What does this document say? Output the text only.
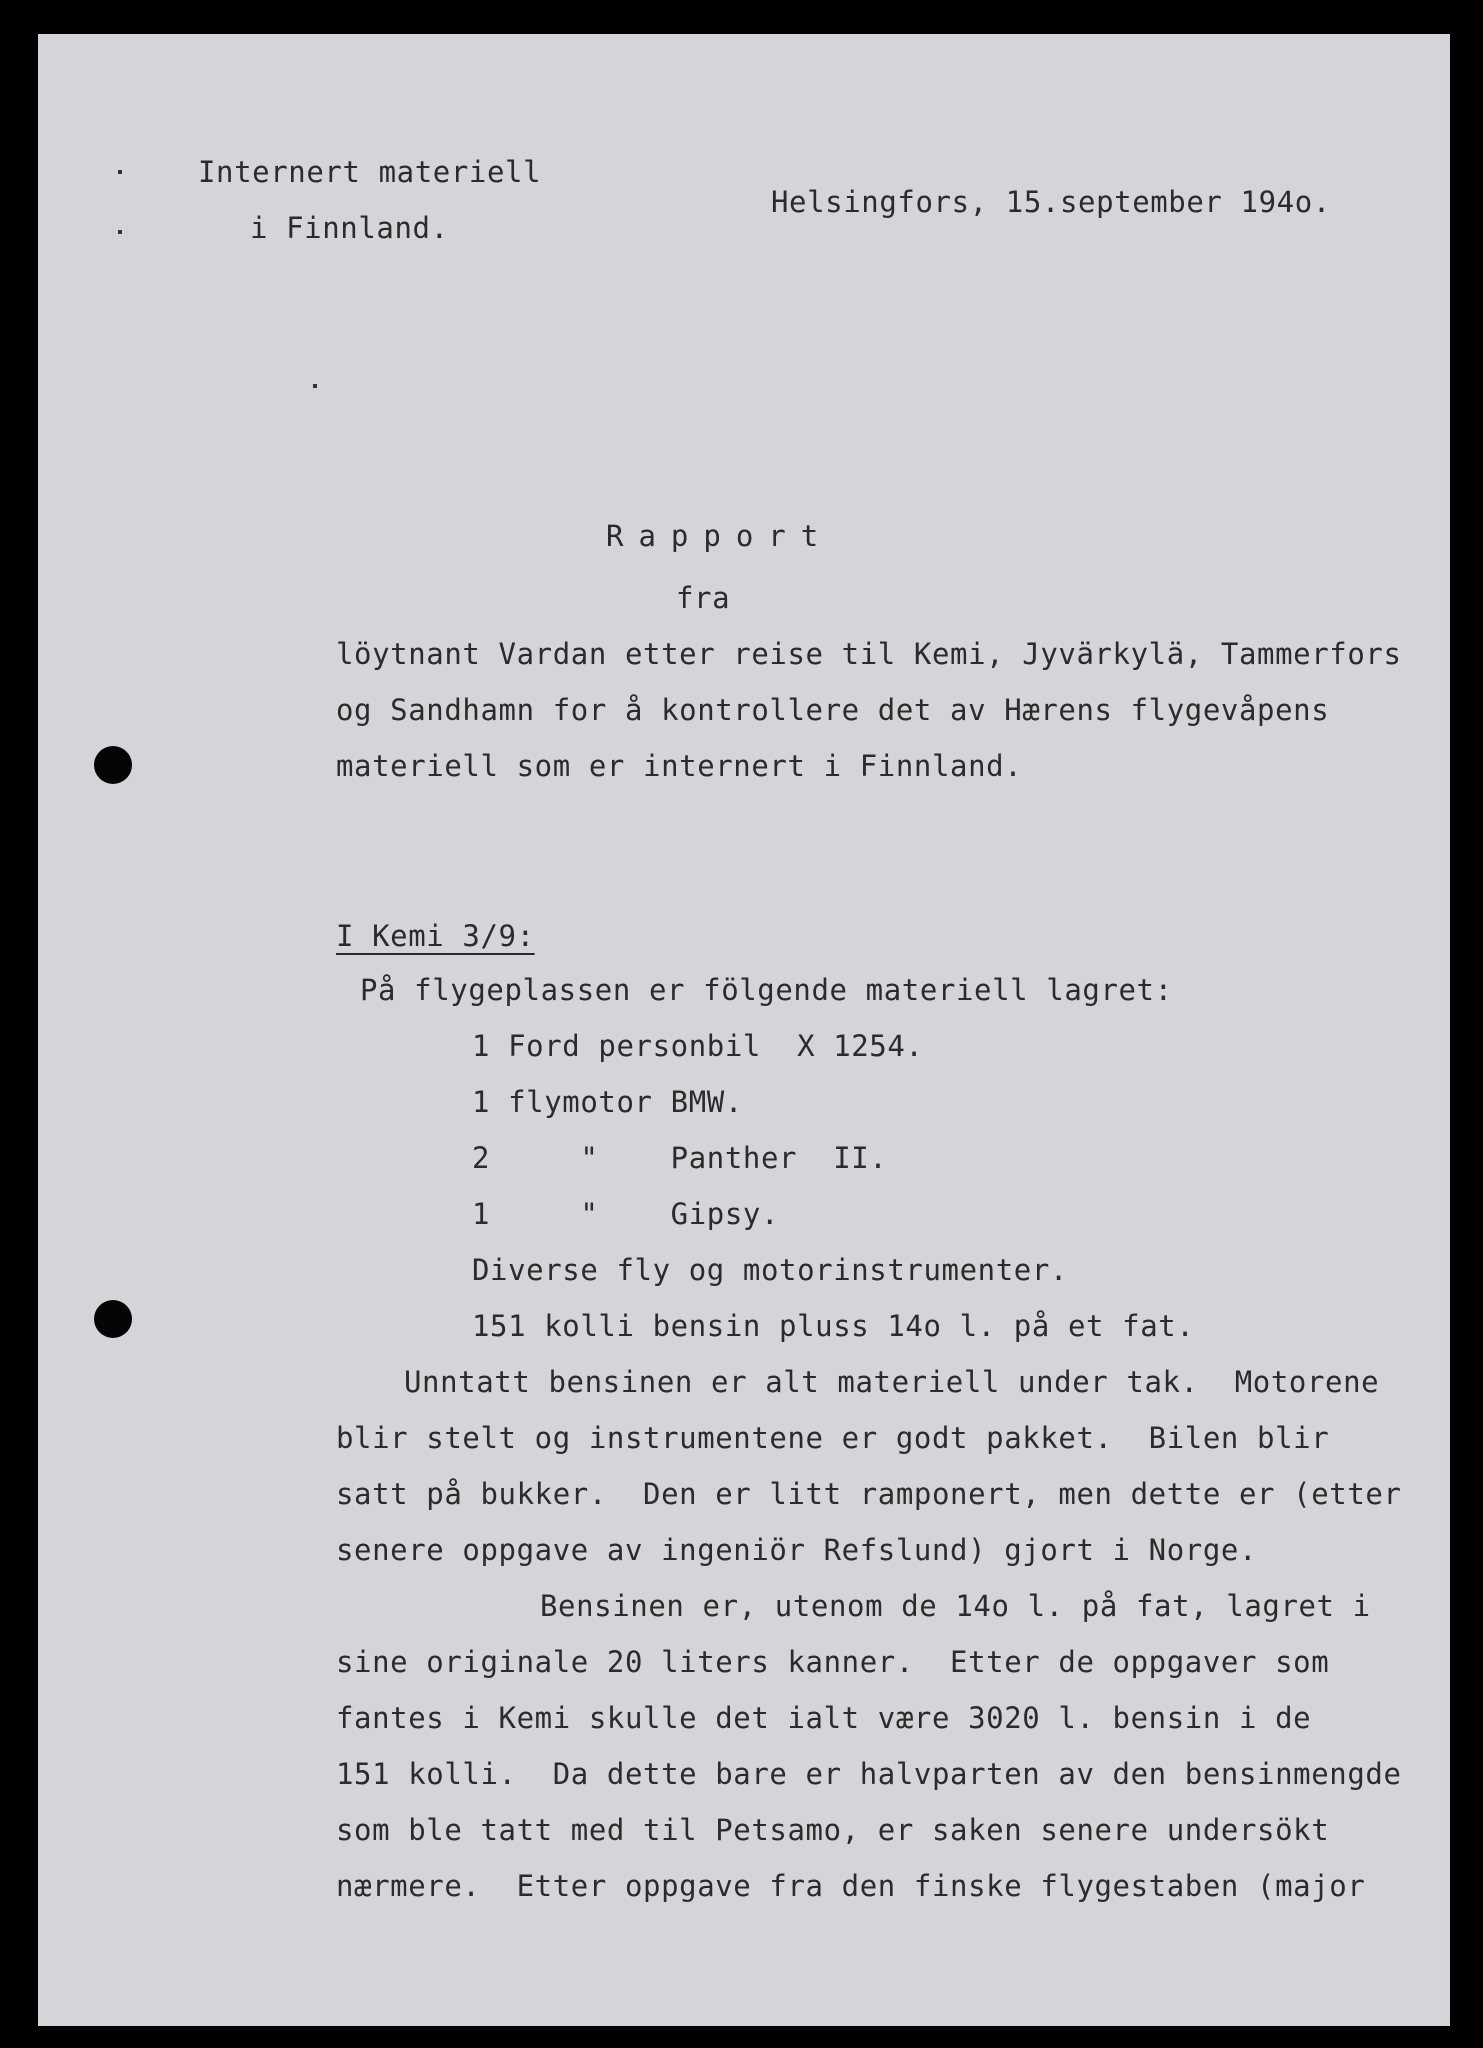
Internert materiell
i Finnland.
Helsingfors, 15.september 194o.
Rapport
fra
löytnant Vardan etter reise til Kemi, Jyvärkylä, Tammerfors
og Sandhamn for å kontrollere det av Hærens flygevåpens
materiell som er internert i Finnland.
I Kemi 3/9:
På flygeplassen er fölgende materiell lagret:
1 Ford personbil  X 1254.
1 flymotor BMW.
2     "    Panther  II.
1     "    Gipsy.
Diverse fly og motorinstrumenter.
151 kolli bensin pluss 14o l. på et fat.
Unntatt bensinen er alt materiell under tak.  Motorene
blir stelt og instrumentene er godt pakket.  Bilen blir
satt på bukker.  Den er litt ramponert, men dette er (etter
senere oppgave av ingeniör Refslund) gjort i Norge.
Bensinen er, utenom de 14o l. på fat, lagret i
sine originale 20 liters kanner.  Etter de oppgaver som
fantes i Kemi skulle det ialt være 3020 l. bensin i de
151 kolli.  Da dette bare er halvparten av den bensinmengde
som ble tatt med til Petsamo, er saken senere undersökt
nærmere.  Etter oppgave fra den finske flygestaben (major
